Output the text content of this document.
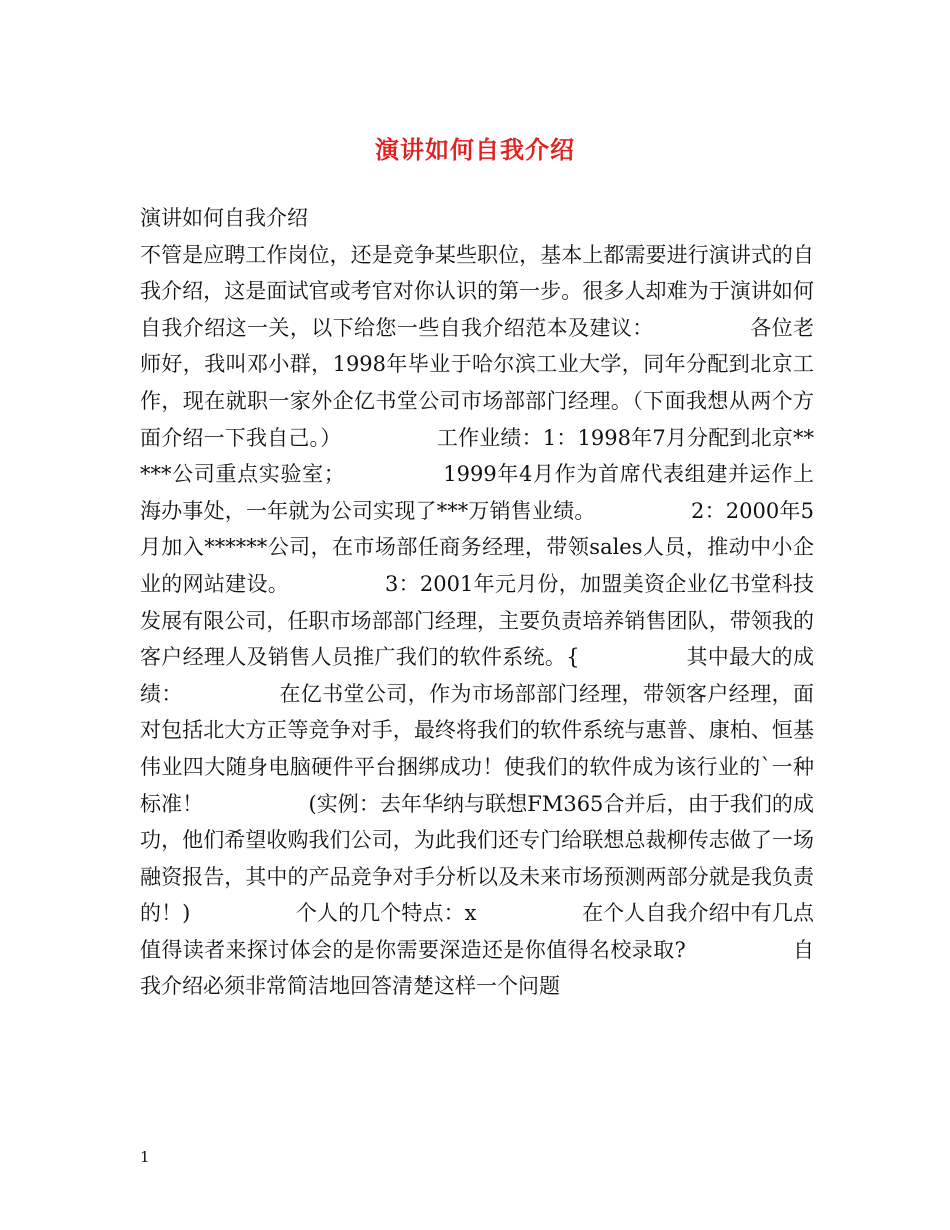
演讲如何自我介绍

演讲如何自我介绍

不管是应聘工作岗位，还是竞争某些职位，基本上都需要进行演讲式的自我介绍，这是面试官或考官对你认识的第一步。很多人却难为于演讲如何自我介绍这一关，以下给您一些自我介绍范本及建议：　　　　　各位老师好，我叫邓小群，1998年毕业于哈尔滨工业大学，同年分配到北京工作，现在就职一家外企亿书堂公司市场部部门经理。（下面我想从两个方面介绍一下我自己。）　　　　　工作业绩：1：1998年7月分配到北京*****公司重点实验室；　　　　　1999年4月作为首席代表组建并运作上海办事处，一年就为公司实现了***万销售业绩。　　　　　2：2000年5月加入******公司，在市场部任商务经理，带领sales人员，推动中小企业的网站建设。　　　　　3：2001年元月份，加盟美资企业亿书堂科技发展有限公司，任职市场部部门经理，主要负责培养销售团队，带领我的客户经理人及销售人员推广我们的软件系统。{　　　　　其中最大的成绩：　　　　　在亿书堂公司，作为市场部部门经理，带领客户经理，面对包括北大方正等竞争对手，最终将我们的软件系统与惠普、康柏、恒基伟业四大随身电脑硬件平台捆绑成功！使我们的软件成为该行业的`一种标准！　　　　　(实例：去年华纳与联想FM365合并后，由于我们的成功，他们希望收购我们公司，为此我们还专门给联想总裁柳传志做了一场融资报告，其中的产品竞争对手分析以及未来市场预测两部分就是我负责的！)　　　　　个人的几个特点：x　　　　　在个人自我介绍中有几点值得读者来探讨体会的是你需要深造还是你值得名校录取?　　　　　自我介绍必须非常简洁地回答清楚这样一个问题

1
